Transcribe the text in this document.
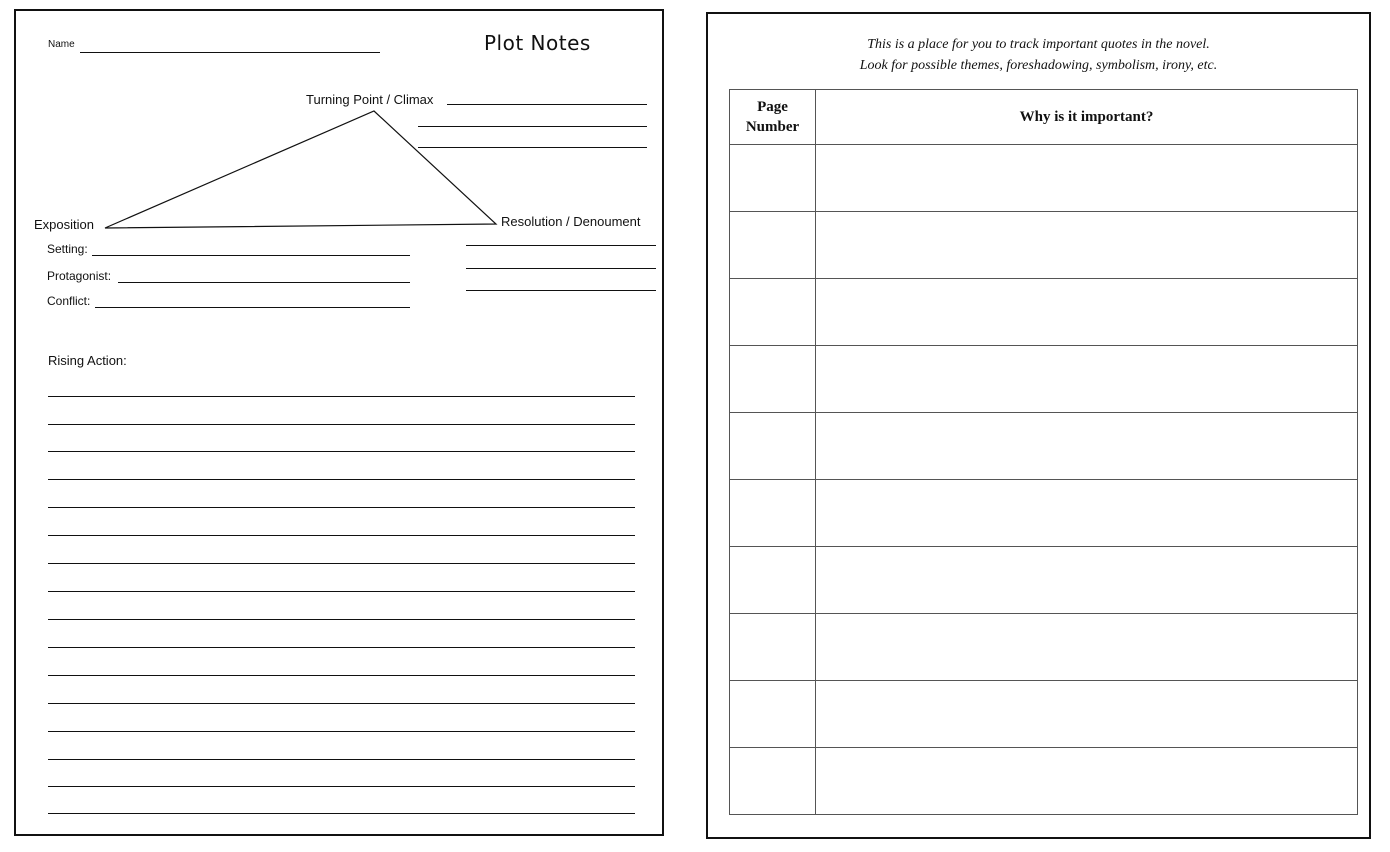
Name	Plot Notes
Turning Point / Climax
Exposition	Resolution / Denoument
Setting:
Protagonist:
Conflict:
Rising Action:
This is a place for you to track important quotes in the novel.
Look for possible themes, foreshadowing, symbolism, irony, etc.
Page
Number	Why is it important?
